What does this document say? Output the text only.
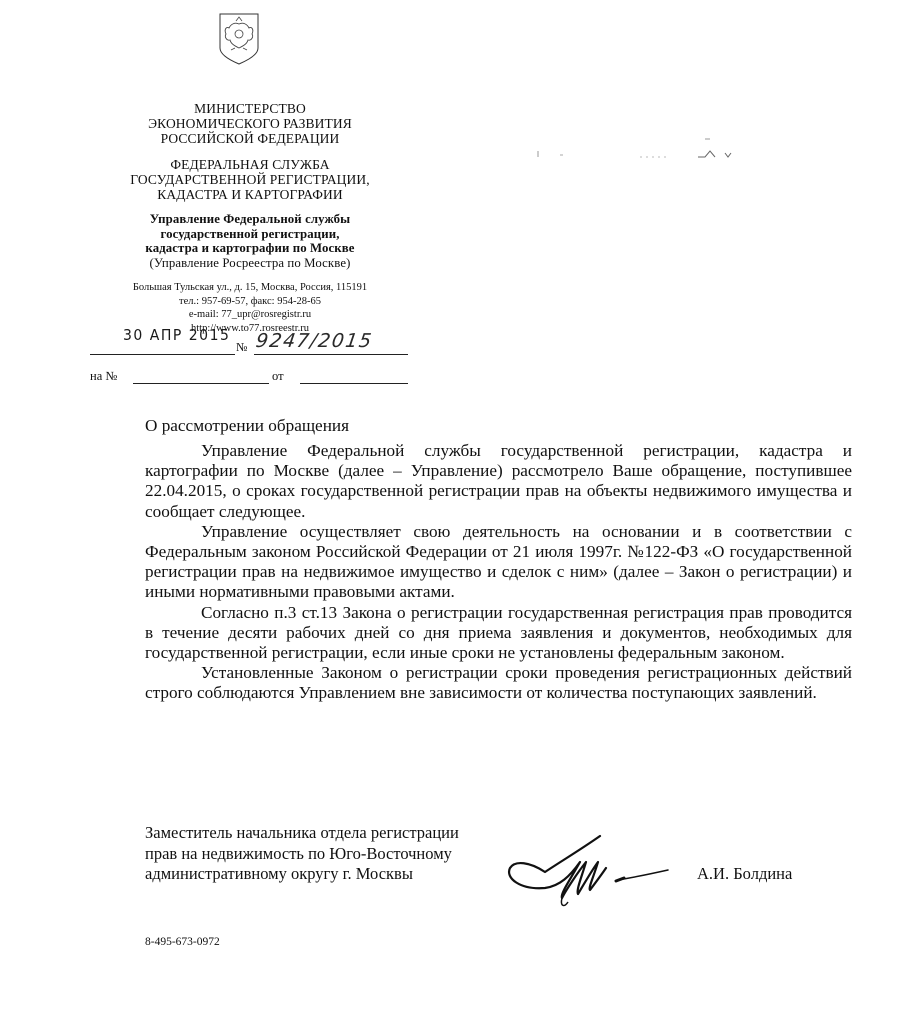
МИНИСТЕРСТВО
ЭКОНОМИЧЕСКОГО РАЗВИТИЯ
РОССИЙСКОЙ ФЕДЕРАЦИИ
ФЕДЕРАЛЬНАЯ СЛУЖБА
ГОСУДАРСТВЕННОЙ РЕГИСТРАЦИИ,
КАДАСТРА И КАРТОГРАФИИ
Управление Федеральной службы
государственной регистрации,
кадастра и картографии по Москве
(Управление Росреестра по Москве)
Большая Тульская ул., д. 15, Москва, Россия, 115191
тел.: 957-69-57, факс: 954-28-65
e-mail: 77_upr@rosregistr.ru
http://www.to77.rosreestr.ru
30 АПР 2015
№ 9247/2015
на №	от
О рассмотрении обращения

Управление Федеральной службы государственной регистрации, кадастра и картографии по Москве (далее – Управление) рассмотрело Ваше обращение, поступившее 22.04.2015, о сроках государственной регистрации прав на объекты недвижимого имущества и сообщает следующее.

Управление осуществляет свою деятельность на основании и в соответствии с Федеральным законом Российской Федерации от 21 июля 1997г. №122-ФЗ «О государственной регистрации прав на недвижимое имущество и сделок с ним» (далее – Закон о регистрации) и иными нормативными правовыми актами.

Согласно п.3 ст.13 Закона о регистрации государственная регистрация прав проводится в течение десяти рабочих дней со дня приема заявления и документов, необходимых для государственной регистрации, если иные сроки не установлены федеральным законом.

Установленные Законом о регистрации сроки проведения регистрационных действий строго соблюдаются Управлением вне зависимости от количества поступающих заявлений.

Заместитель начальника отдела регистрации
прав на недвижимость по Юго-Восточному
административному округу г. Москвы	А.И. Болдина
8-495-673-0972
